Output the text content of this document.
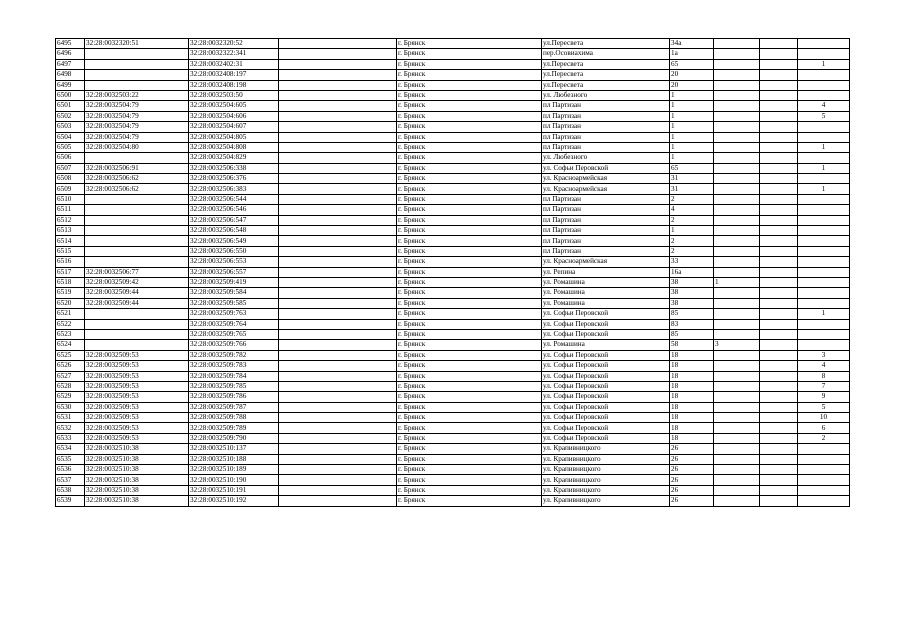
6495	32:28:0032320:51	32:28:0032320:52		г. Брянск	ул.Пересвета	34а			
6496		32:28:0032322:341		г. Брянск	пер.Осовиахима	1а			
6497		32:28:0032402:31		г. Брянск	ул.Пересвета	65			1
6498		32:28:0032408:197		г. Брянск	ул.Пересвета	20			
6499		32:28:0032408:198		г. Брянск	ул.Пересвета	20			
6500	32:28:0032503:22	32:28:0032503:50		г. Брянск	ул. Любезного	1			
6501	32:28:0032504:79	32:28:0032504:605		г. Брянск	пл Партизан	1			4
6502	32:28:0032504:79	32:28:0032504:606		г. Брянск	пл Партизан	1			5
6503	32:28:0032504:79	32:28:0032504:607		г. Брянск	пл Партизан	1			
6504	32:28:0032504:79	32:28:0032504:805		г. Брянск	пл Партизан	1			
6505	32:28:0032504:80	32:28:0032504:808		г. Брянск	пл Партизан	1			1
6506		32:28:0032504:829		г. Брянск	ул. Любезного	1			
6507	32:28:0032506:91	32:28:0032506:338		г. Брянск	ул. Софьи Перовской	65			1
6508	32:28:0032506:62	32:28:0032506:376		г. Брянск	ул. Красноармейская	31			
6509	32:28:0032506:62	32:28:0032506:383		г. Брянск	ул. Красноармейская	31			1
6510		32:28:0032506:544		г. Брянск	пл Партизан	2			
6511		32:28:0032506:546		г. Брянск	пл Партизан	4			
6512		32:28:0032506:547		г. Брянск	пл Партизан	2			
6513		32:28:0032506:548		г. Брянск	пл Партизан	1			
6514		32:28:0032506:549		г. Брянск	пл Партизан	2			
6515		32:28:0032506:550		г. Брянск	пл Партизан	2			
6516		32:28:0032506:553		г. Брянск	ул. Красноармейская	33			
6517	32:28:0032506:77	32:28:0032506:557		г. Брянск	ул. Репина	16а			
6518	32:28:0032509:42	32:28:0032509:419		г. Брянск	ул. Ромашина	38	1		
6519	32:28:0032509:44	32:28:0032509:584		г. Брянск	ул. Ромашина	38			
6520	32:28:0032509:44	32:28:0032509:585		г. Брянск	ул. Ромашина	38			
6521		32:28:0032509:763		г. Брянск	ул. Софьи Перовской	85			1
6522		32:28:0032509:764		г. Брянск	ул. Софьи Перовской	83			
6523		32:28:0032509:765		г. Брянск	ул. Софьи Перовской	85			
6524		32:28:0032509:766		г. Брянск	ул. Ромашина	58	3		
6525	32:28:0032509:53	32:28:0032509:782		г. Брянск	ул. Софьи Перовской	18			3
6526	32:28:0032509:53	32:28:0032509:783		г. Брянск	ул. Софьи Перовской	18			4
6527	32:28:0032509:53	32:28:0032509:784		г. Брянск	ул. Софьи Перовской	18			8
6528	32:28:0032509:53	32:28:0032509:785		г. Брянск	ул. Софьи Перовской	18			7
6529	32:28:0032509:53	32:28:0032509:786		г. Брянск	ул. Софьи Перовской	18			9
6530	32:28:0032509:53	32:28:0032509:787		г. Брянск	ул. Софьи Перовской	18			5
6531	32:28:0032509:53	32:28:0032509:788		г. Брянск	ул. Софьи Перовской	18			10
6532	32:28:0032509:53	32:28:0032509:789		г. Брянск	ул. Софьи Перовской	18			6
6533	32:28:0032509:53	32:28:0032509:790		г. Брянск	ул. Софьи Перовской	18			2
6534	32:28:0032510:38	32:28:0032510:137		г. Брянск	ул. Крапивницкого	26			
6535	32:28:0032510:38	32:28:0032510:188		г. Брянск	ул. Крапивницкого	26			
6536	32:28:0032510:38	32:28:0032510:189		г. Брянск	ул. Крапивницкого	26			
6537	32:28:0032510:38	32:28:0032510:190		г. Брянск	ул. Крапивницкого	26			
6538	32:28:0032510:38	32:28:0032510:191		г. Брянск	ул. Крапивницкого	26			
6539	32:28:0032510:38	32:28:0032510:192		г. Брянск	ул. Крапивницкого	26			
